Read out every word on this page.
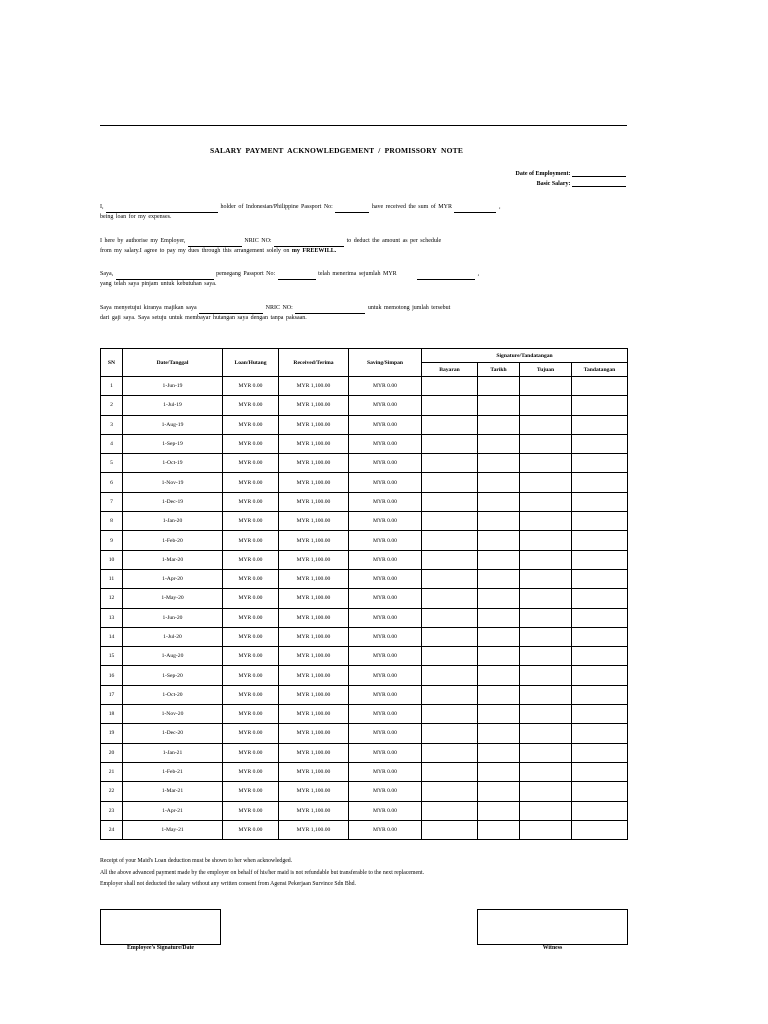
SALARY PAYMENT ACKNOWLEDGEMENT / PROMISSORY NOTE
Date of Employment:
Basic Salary:
I,	holder of Indonesian/Philippine Passport No:	have received the sum of MYR	,
being loan for my expenses.
I here by authorise my Employer,	NRIC NO:	to deduct the amount as per schedule
from my salary.I agree to pay my dues through this arrangement solely on my FREEWILL.
Saya,	pemegang Passport No:	telah menerima sejumlah MYR	,
yang telah saya pinjam untuk kebutuhan saya.
Saya menyetujui kiranya majikan saya	NRIC NO:	untuk memotong jumlah tersebut
dari gaji saya. Saya setuju untuk membayar hutangan saya dengan tanpa paksaan.
SN	Date/Tanggal	Loan/Hutang	Received/Terima	Saving/Simpan	Signature/Tandatangan			
					Bayaran	Tarikh	Tujuan	Tandatangan
1	1-Jun-19	MYR 0.00	MYR 1,100.00	MYR 0.00				
2	1-Jul-19	MYR 0.00	MYR 1,100.00	MYR 0.00				
3	1-Aug-19	MYR 0.00	MYR 1,100.00	MYR 0.00				
4	1-Sep-19	MYR 0.00	MYR 1,100.00	MYR 0.00				
5	1-Oct-19	MYR 0.00	MYR 1,100.00	MYR 0.00				
6	1-Nov-19	MYR 0.00	MYR 1,100.00	MYR 0.00				
7	1-Dec-19	MYR 0.00	MYR 1,100.00	MYR 0.00				
8	1-Jan-20	MYR 0.00	MYR 1,100.00	MYR 0.00				
9	1-Feb-20	MYR 0.00	MYR 1,100.00	MYR 0.00				
10	1-Mar-20	MYR 0.00	MYR 1,100.00	MYR 0.00				
11	1-Apr-20	MYR 0.00	MYR 1,100.00	MYR 0.00				
12	1-May-20	MYR 0.00	MYR 1,100.00	MYR 0.00				
13	1-Jun-20	MYR 0.00	MYR 1,100.00	MYR 0.00				
14	1-Jul-20	MYR 0.00	MYR 1,100.00	MYR 0.00				
15	1-Aug-20	MYR 0.00	MYR 1,100.00	MYR 0.00				
16	1-Sep-20	MYR 0.00	MYR 1,100.00	MYR 0.00				
17	1-Oct-20	MYR 0.00	MYR 1,100.00	MYR 0.00				
18	1-Nov-20	MYR 0.00	MYR 1,100.00	MYR 0.00				
19	1-Dec-20	MYR 0.00	MYR 1,100.00	MYR 0.00				
20	1-Jan-21	MYR 0.00	MYR 1,100.00	MYR 0.00				
21	1-Feb-21	MYR 0.00	MYR 1,100.00	MYR 0.00				
22	1-Mar-21	MYR 0.00	MYR 1,100.00	MYR 0.00				
23	1-Apr-21	MYR 0.00	MYR 1,100.00	MYR 0.00				
24	1-May-21	MYR 0.00	MYR 1,100.00	MYR 0.00				
Receipt of your Maid's Loan deduction must be shown to her when acknowledged.
All the above advanced payment made by the employer on behalf of his/her maid is not refundable but transferable to the next replacement.
Employer shall not deducted the salary without any written consent from Agensi Pekerjaan Survince Sdn Bhd.
Employee's Signature/Date	Witness
